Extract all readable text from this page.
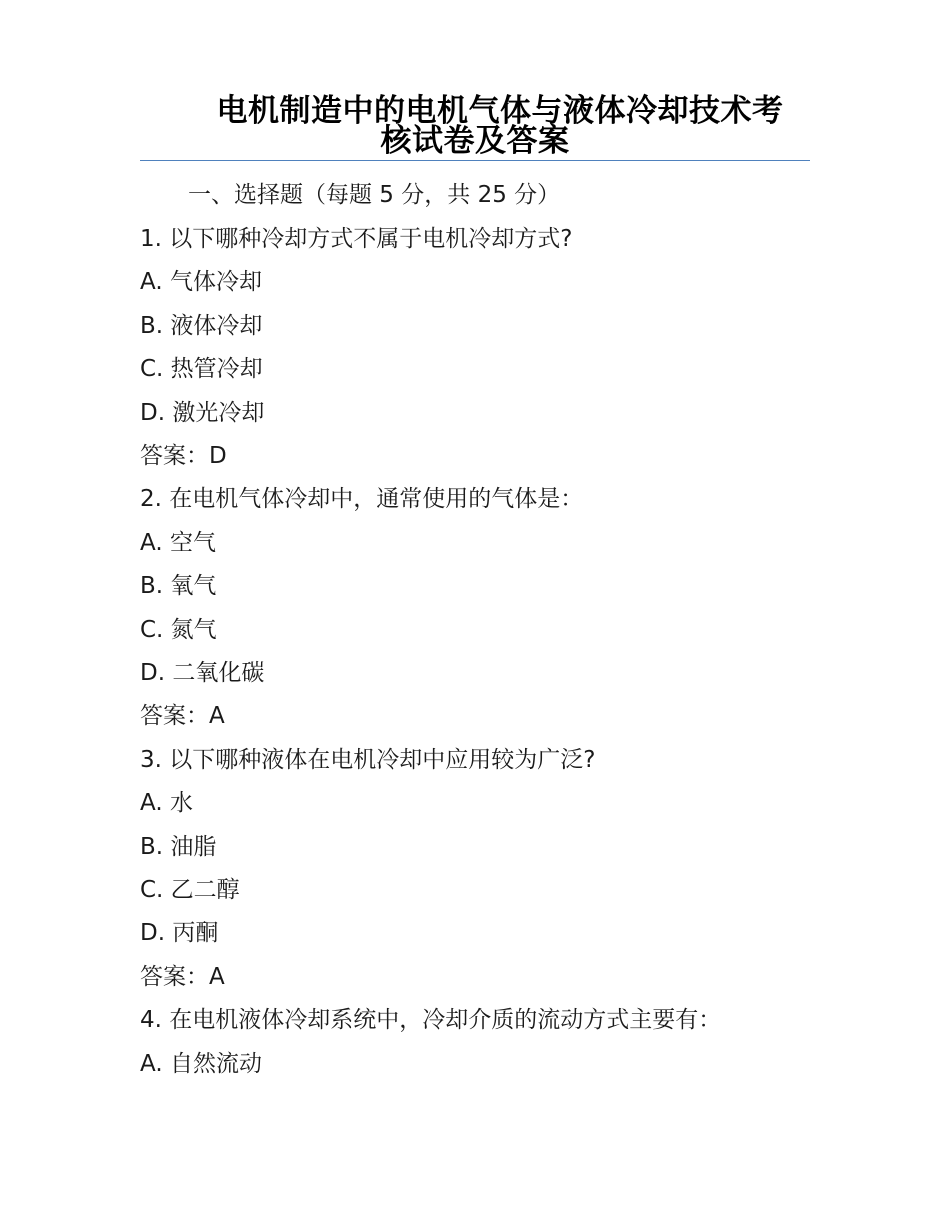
电机制造中的电机气体与液体冷却技术考
核试卷及答案
一、选择题（每题 5 分，共 25 分）
1. 以下哪种冷却方式不属于电机冷却方式?
A. 气体冷却
B. 液体冷却
C. 热管冷却
D. 激光冷却
答案：D
2. 在电机气体冷却中，通常使用的气体是：
A. 空气
B. 氧气
C. 氮气
D. 二氧化碳
答案：A
3. 以下哪种液体在电机冷却中应用较为广泛?
A. 水
B. 油脂
C. 乙二醇
D. 丙酮
答案：A
4. 在电机液体冷却系统中，冷却介质的流动方式主要有：
A. 自然流动
